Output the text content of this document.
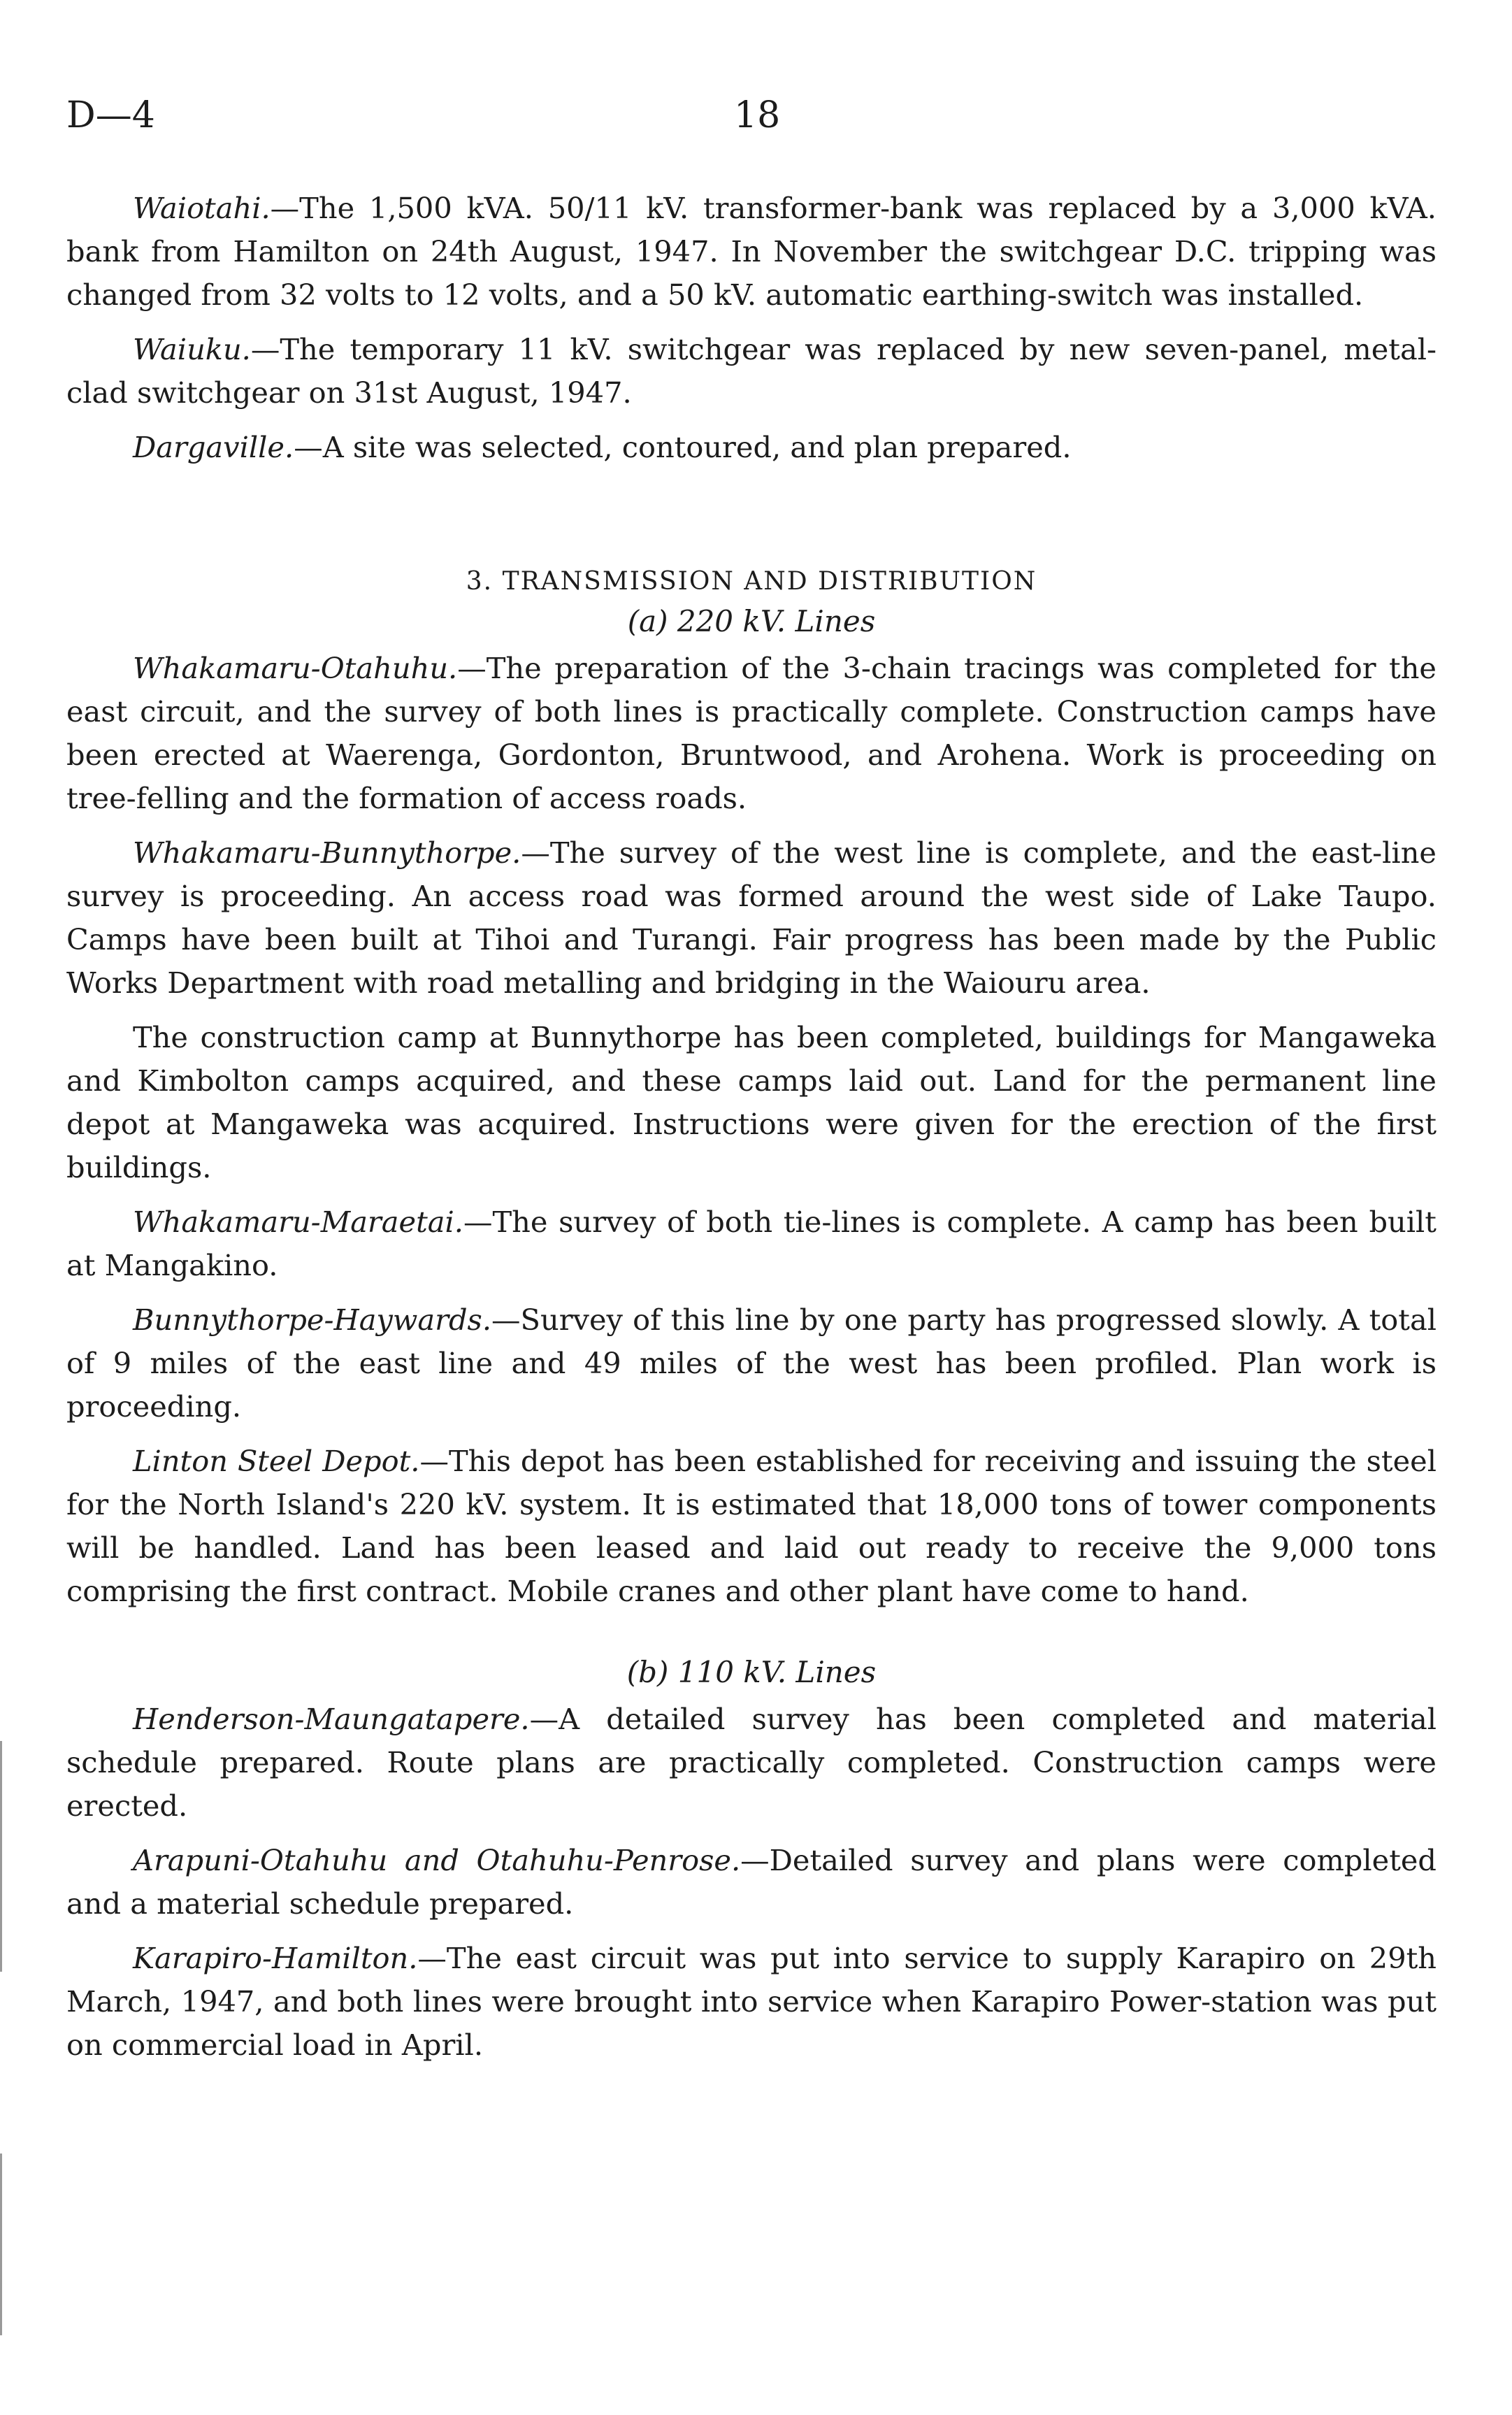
D—4	18

Waiotahi.—The 1,500 kVA. 50/11 kV. transformer-bank was replaced by a 3,000 kVA. bank from Hamilton on 24th August, 1947. In November the switchgear D.C. tripping was changed from 32 volts to 12 volts, and a 50 kV. automatic earthing-switch was installed.

Waiuku.—The temporary 11 kV. switchgear was replaced by new seven-panel, metal-clad switchgear on 31st August, 1947.

Dargaville.—A site was selected, contoured, and plan prepared.

3. TRANSMISSION AND DISTRIBUTION
(a) 220 kV. Lines

Whakamaru-Otahuhu.—The preparation of the 3-chain tracings was completed for the east circuit, and the survey of both lines is practically complete. Construction camps have been erected at Waerenga, Gordonton, Bruntwood, and Arohena. Work is proceeding on tree-felling and the formation of access roads.

Whakamaru-Bunnythorpe.—The survey of the west line is complete, and the east-line survey is proceeding. An access road was formed around the west side of Lake Taupo. Camps have been built at Tihoi and Turangi. Fair progress has been made by the Public Works Department with road metalling and bridging in the Waiouru area.

The construction camp at Bunnythorpe has been completed, buildings for Mangaweka and Kimbolton camps acquired, and these camps laid out. Land for the permanent line depot at Mangaweka was acquired. Instructions were given for the erection of the first buildings.

Whakamaru-Maraetai.—The survey of both tie-lines is complete. A camp has been built at Mangakino.

Bunnythorpe-Haywards.—Survey of this line by one party has progressed slowly. A total of 9 miles of the east line and 49 miles of the west has been profiled. Plan work is proceeding.

Linton Steel Depot.—This depot has been established for receiving and issuing the steel for the North Island's 220 kV. system. It is estimated that 18,000 tons of tower components will be handled. Land has been leased and laid out ready to receive the 9,000 tons comprising the first contract. Mobile cranes and other plant have come to hand.

(b) 110 kV. Lines

Henderson-Maungatapere.—A detailed survey has been completed and material schedule prepared. Route plans are practically completed. Construction camps were erected.

Arapuni-Otahuhu and Otahuhu-Penrose.—Detailed survey and plans were completed and a material schedule prepared.

Karapiro-Hamilton.—The east circuit was put into service to supply Karapiro on 29th March, 1947, and both lines were brought into service when Karapiro Power-station was put on commercial load in April.
